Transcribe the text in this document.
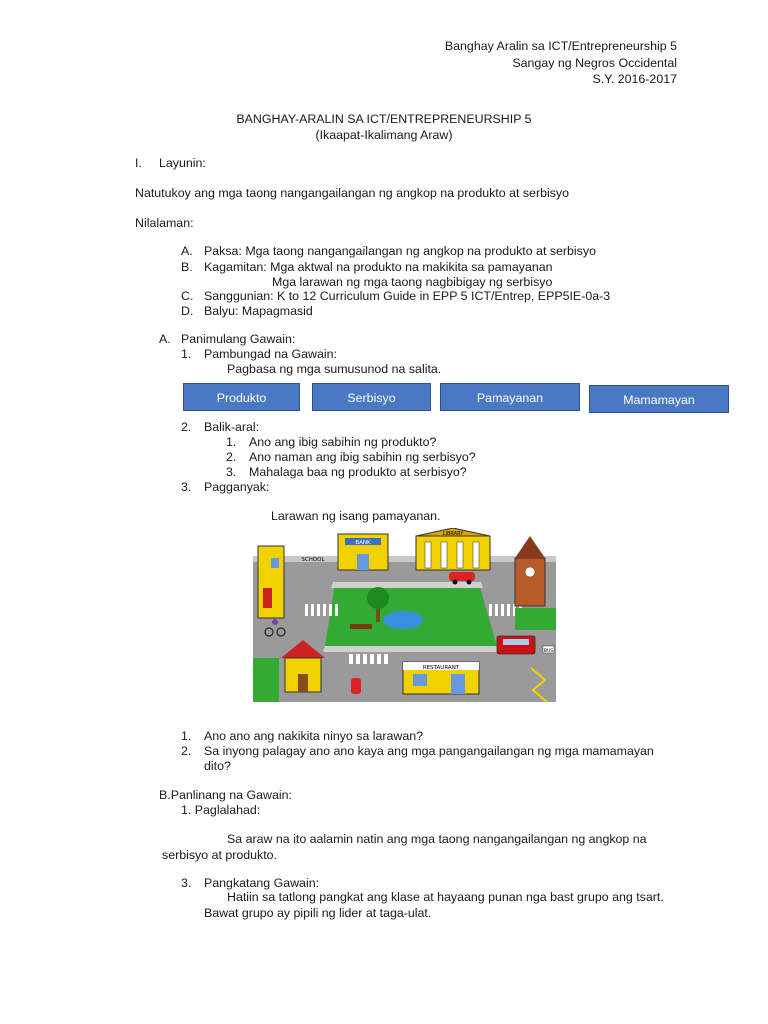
Banghay Aralin sa ICT/Entrepreneurship 5
Sangay ng Negros Occidental
S.Y. 2016-2017
BANGHAY-ARALIN SA ICT/ENTREPRENEURSHIP 5
(Ikaapat-Ikalimang Araw)
I. Layunin:
Natutukoy ang mga taong nangangailangan ng angkop na produkto at serbisyo
Nilalaman:
A. Paksa: Mga taong nangangailangan ng angkop na produkto at serbisyo
B. Kagamitan: Mga aktwal na produkto na makikita sa pamayanan
Mga larawan ng mga taong nagbibigay ng serbisyo
C. Sanggunian: K to 12 Curriculum Guide in EPP 5 ICT/Entrep, EPP5IE-0a-3
D. Balyu: Mapagmasid
A. Panimulang Gawain:
1. Pambungad na Gawain:
Pagbasa ng mga sumusunod na salita.
Produkto	Serbisyo	Pamayanan	Mamamayan
2. Balik-aral:
1. Ano ang ibig sabihin ng produkto?
2. Ano naman ang ibig sabihin ng serbisyo?
3. Mahalaga baa ng produkto at serbisyo?
3. Pagganyak:
Larawan ng isang pamayanan.
BANK
LIBRARY
SCHOOL
RESTAURANT
BUS
1. Ano ano ang nakikita ninyo sa larawan?
2. Sa inyong palagay ano ano kaya ang mga pangangailangan ng mga mamamayan
dito?
B.Panlinang na Gawain:
1. Paglalahad:
Sa araw na ito aalamin natin ang mga taong nangangailangan ng angkop na
serbisyo at produkto.
3. Pangkatang Gawain:
Hatiin sa tatlong pangkat ang klase at hayaang punan nga bast grupo ang tsart.
Bawat grupo ay pipili ng lider at taga-ulat.
